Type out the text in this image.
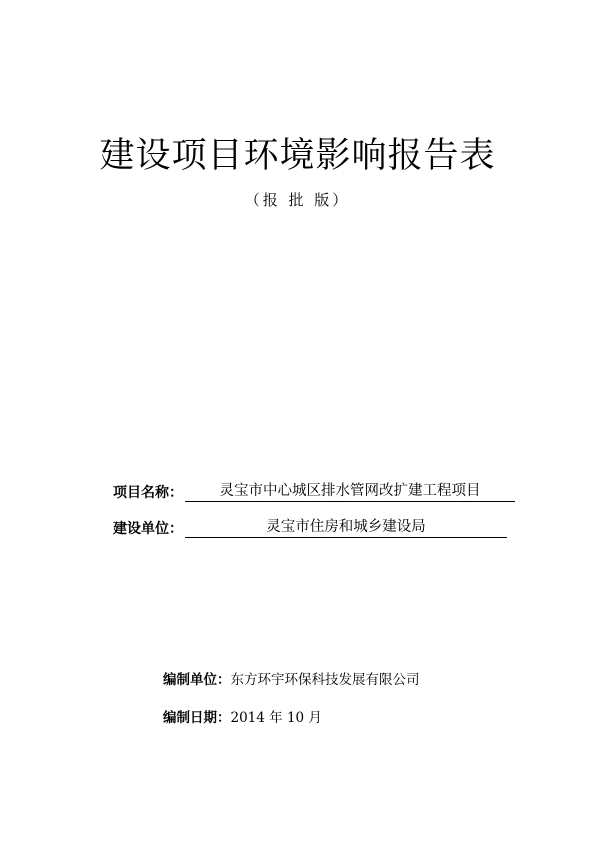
建设项目环境影响报告表
（报 批 版）
项目名称 ：	灵宝市中心城区排水管网改扩建工程项目
建设单位 ：	灵宝市住房和城乡建设局
编制单位 ： 东方环宇环保科技发展有限公司
编制日期 ： 2014 年 10 月
